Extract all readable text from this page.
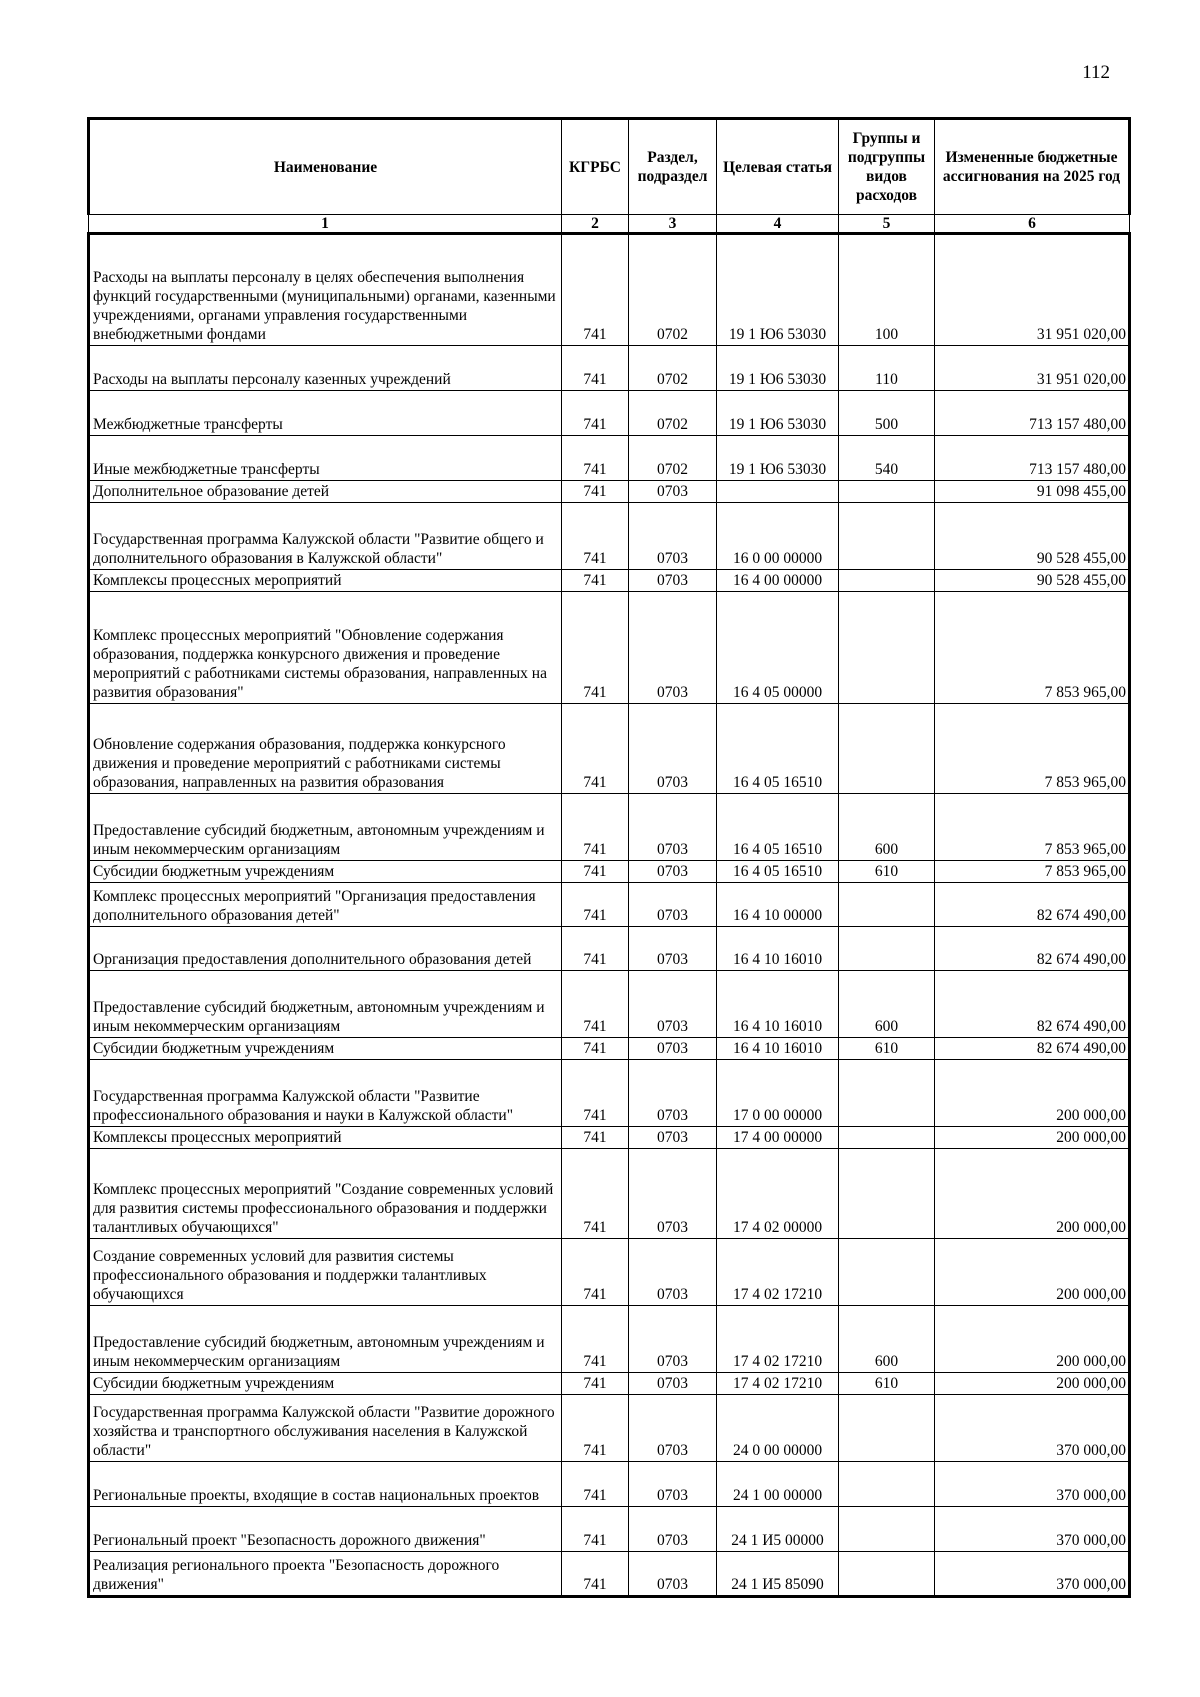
112
Наименование	КГРБС	Раздел, подраздел	Целевая статья	Группы и подгруппы видов расходов	Измененные бюджетные ассигнования на 2025 год
1	2	3	4	5	6
Расходы на выплаты персоналу в целях обеспечения выполнения функций государственными (муниципальными) органами, казенными учреждениями, органами управления государственными внебюджетными фондами	741	0702	19 1 Ю6 53030	100	31 951 020,00
Расходы на выплаты персоналу казенных учреждений	741	0702	19 1 Ю6 53030	110	31 951 020,00
Межбюджетные трансферты	741	0702	19 1 Ю6 53030	500	713 157 480,00
Иные межбюджетные трансферты	741	0702	19 1 Ю6 53030	540	713 157 480,00
Дополнительное образование детей	741	0703			91 098 455,00
Государственная программа Калужской области "Развитие общего и дополнительного образования в Калужской области"	741	0703	16 0 00 00000		90 528 455,00
Комплексы процессных мероприятий	741	0703	16 4 00 00000		90 528 455,00
Комплекс процессных мероприятий "Обновление содержания образования, поддержка конкурсного движения и проведение мероприятий с работниками системы образования, направленных на развития образования"	741	0703	16 4 05 00000		7 853 965,00
Обновление содержания образования, поддержка конкурсного движения и проведение мероприятий с работниками системы образования, направленных на развития образования	741	0703	16 4 05 16510		7 853 965,00
Предоставление субсидий бюджетным, автономным учреждениям и иным некоммерческим организациям	741	0703	16 4 05 16510	600	7 853 965,00
Субсидии бюджетным учреждениям	741	0703	16 4 05 16510	610	7 853 965,00
Комплекс процессных мероприятий "Организация предоставления дополнительного образования детей"	741	0703	16 4 10 00000		82 674 490,00
Организация предоставления дополнительного образования детей	741	0703	16 4 10 16010		82 674 490,00
Предоставление субсидий бюджетным, автономным учреждениям и иным некоммерческим организациям	741	0703	16 4 10 16010	600	82 674 490,00
Субсидии бюджетным учреждениям	741	0703	16 4 10 16010	610	82 674 490,00
Государственная программа Калужской области "Развитие профессионального образования и науки в Калужской области"	741	0703	17 0 00 00000		200 000,00
Комплексы процессных мероприятий	741	0703	17 4 00 00000		200 000,00
Комплекс процессных мероприятий "Создание современных условий для развития системы профессионального образования и поддержки талантливых обучающихся"	741	0703	17 4 02 00000		200 000,00
Создание современных условий для развития системы профессионального образования и поддержки талантливых обучающихся	741	0703	17 4 02 17210		200 000,00
Предоставление субсидий бюджетным, автономным учреждениям и иным некоммерческим организациям	741	0703	17 4 02 17210	600	200 000,00
Субсидии бюджетным учреждениям	741	0703	17 4 02 17210	610	200 000,00
Государственная программа Калужской области "Развитие дорожного хозяйства и транспортного обслуживания населения в Калужской области"	741	0703	24 0 00 00000		370 000,00
Региональные проекты, входящие в состав национальных проектов	741	0703	24 1 00 00000		370 000,00
Региональный проект "Безопасность дорожного движения"	741	0703	24 1 И5 00000		370 000,00
Реализация регионального проекта "Безопасность дорожного движения"	741	0703	24 1 И5 85090		370 000,00
